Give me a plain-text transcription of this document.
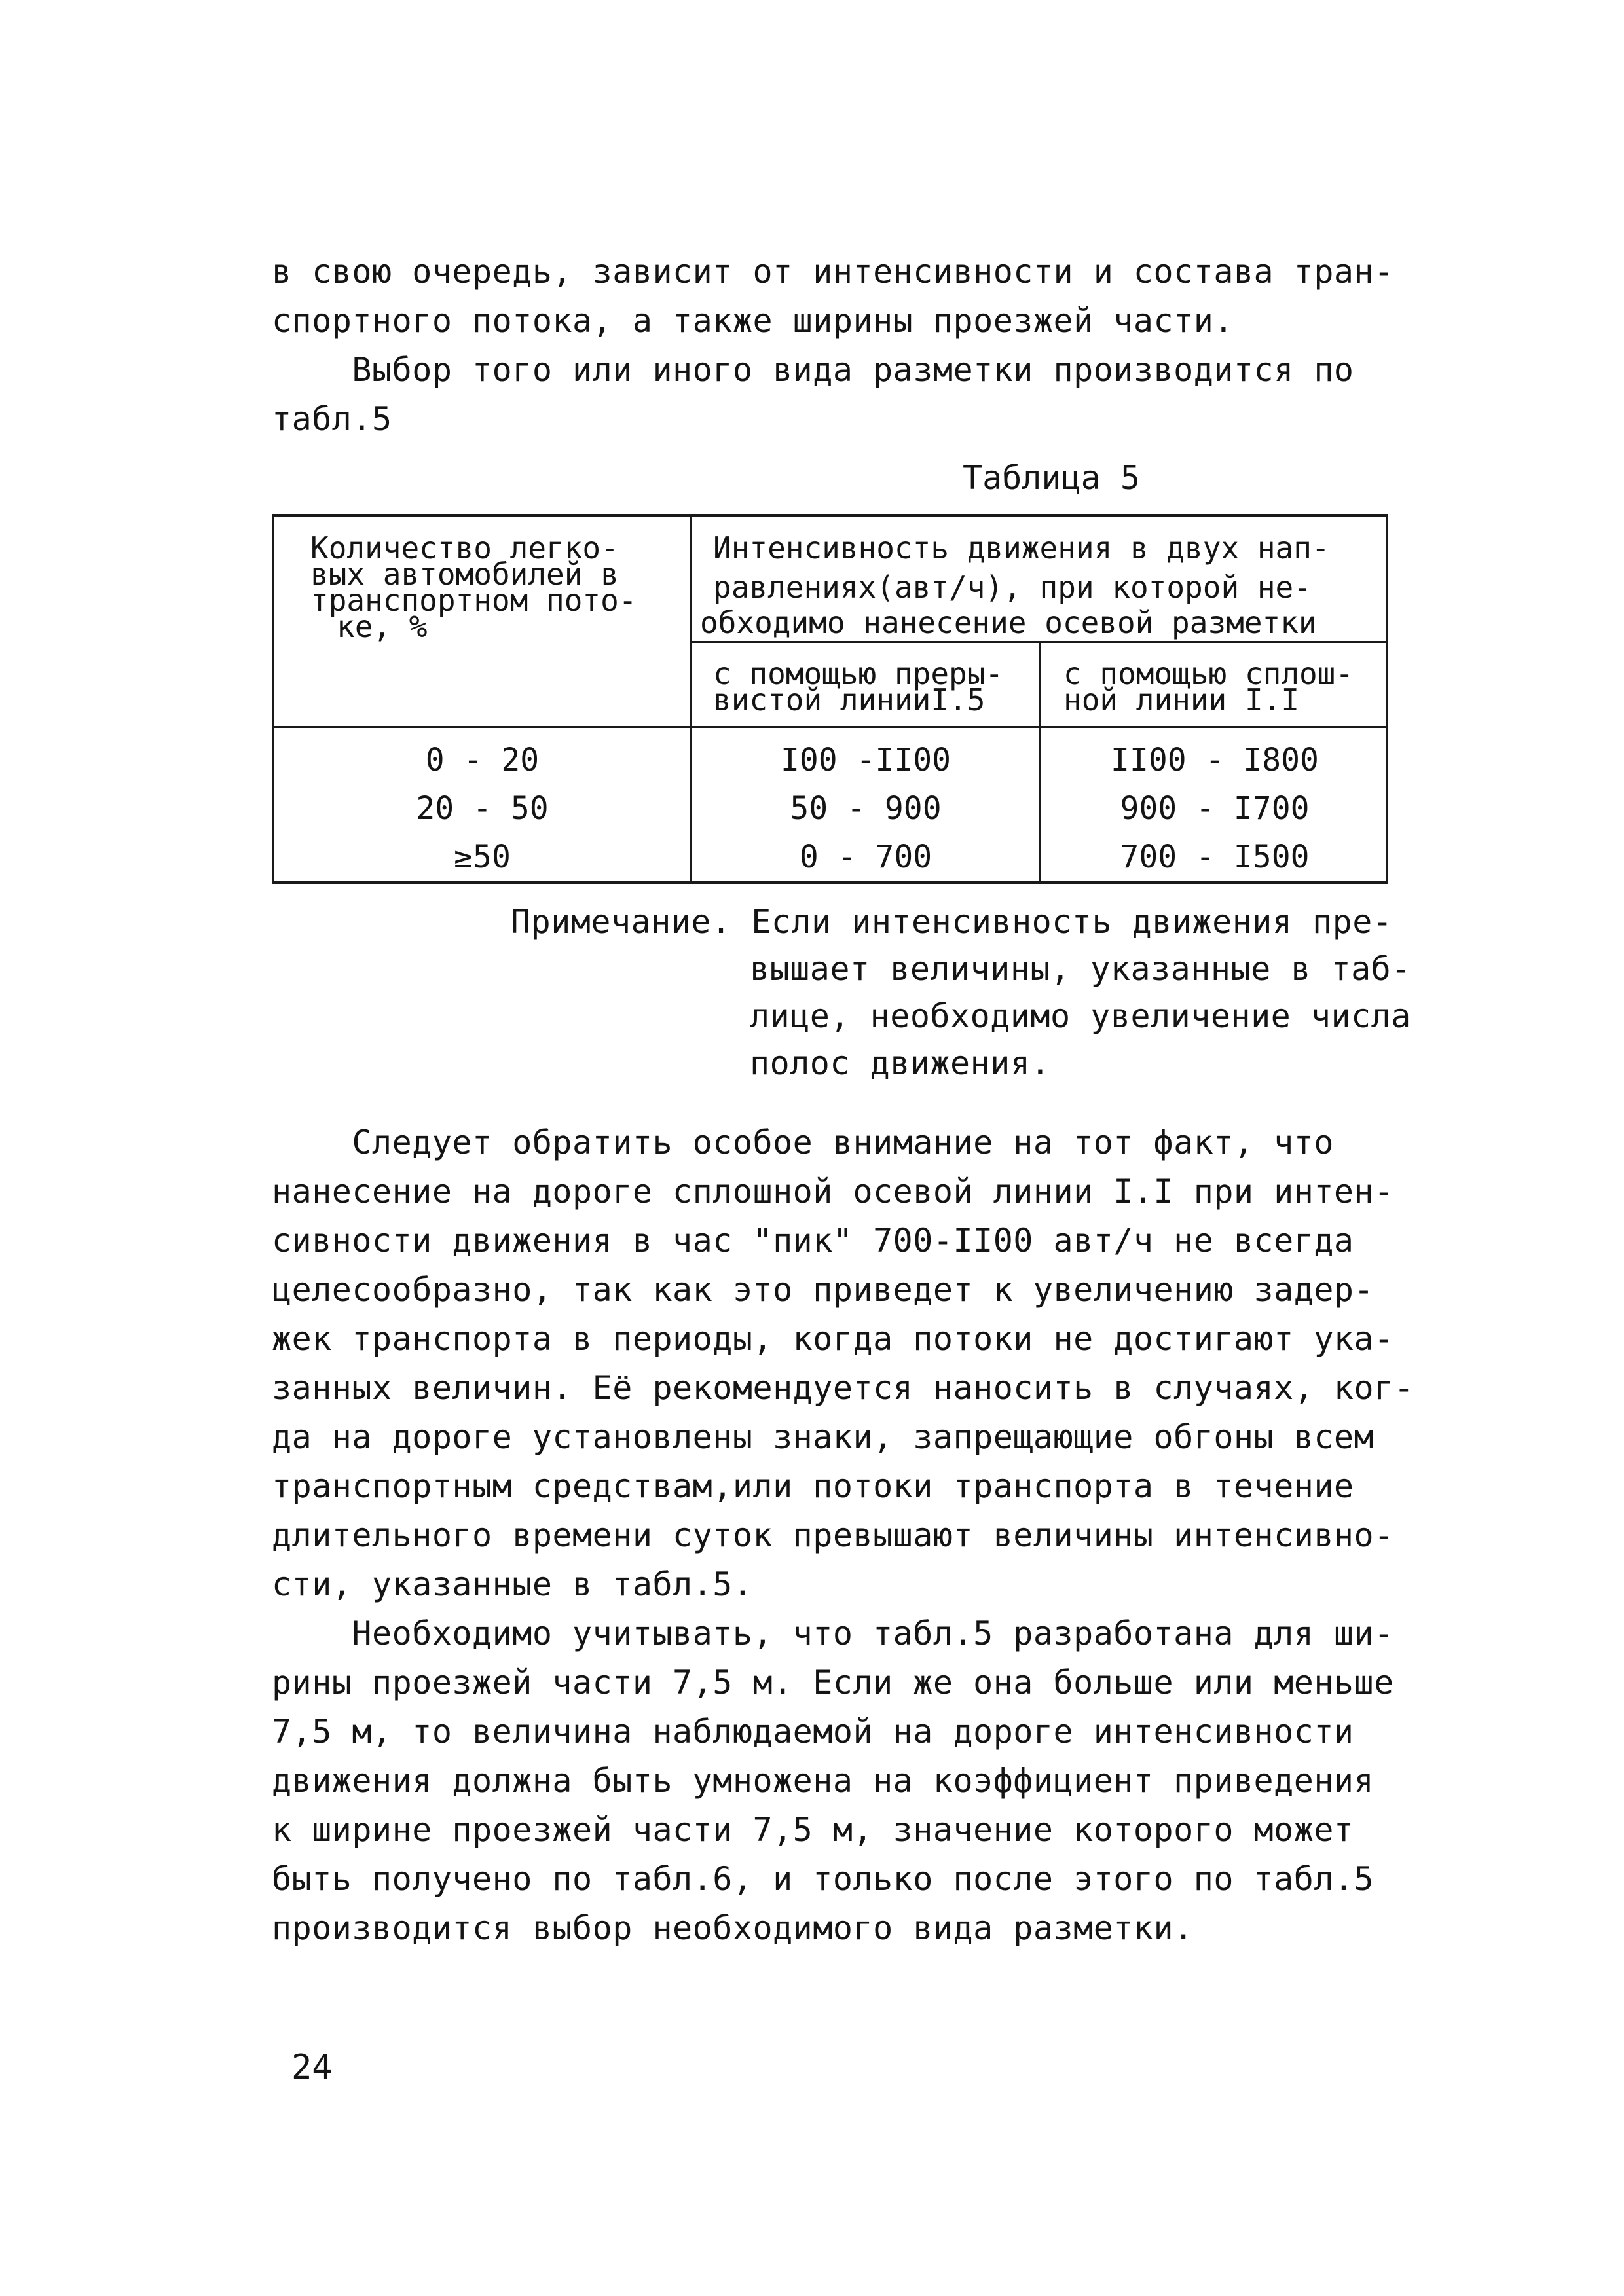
в свою очередь, зависит от интенсивности и состава тран-
спортного потока, а также ширины проезжей части.
Выбор того или иного вида разметки производится по
табл.5
Таблица 5
Количество легко-
вых автомобилей в
транспортном пото-
ке, %
Интенсивность движения в двух нап-
равлениях(авт/ч), при которой не-
обходимо нанесение осевой разметки
с помощью преры-
вистой линииI.5
с помощью сплош-
ной линии I.I
0 - 20	I00 -II00	II00 - I800
20 - 50	50 - 900	900 - I700
≥50	0 - 700	700 - I500
Примечание. Если интенсивность движения пре-
вышает величины, указанные в таб-
лице, необходимо увеличение числа
полос движения.
Следует обратить особое внимание на тот факт, что
нанесение на дороге сплошной осевой линии I.I при интен-
сивности движения в час "пик" 700-II00 авт/ч не всегда
целесообразно, так как это приведет к увеличению задер-
жек транспорта в периоды, когда потоки не достигают ука-
занных величин. Её рекомендуется наносить в случаях, ког-
да на дороге установлены знаки, запрещающие обгоны всем
транспортным средствам,или потоки транспорта в течение
длительного времени суток превышают величины интенсивно-
сти, указанные в табл.5.
Необходимо учитывать, что табл.5 разработана для ши-
рины проезжей части 7,5 м. Если же она больше или меньше
7,5 м, то величина наблюдаемой на дороге интенсивности
движения должна быть умножена на коэффициент приведения
к ширине проезжей части 7,5 м, значение которого может
быть получено по табл.6, и только после этого по табл.5
производится выбор необходимого вида разметки.
24
